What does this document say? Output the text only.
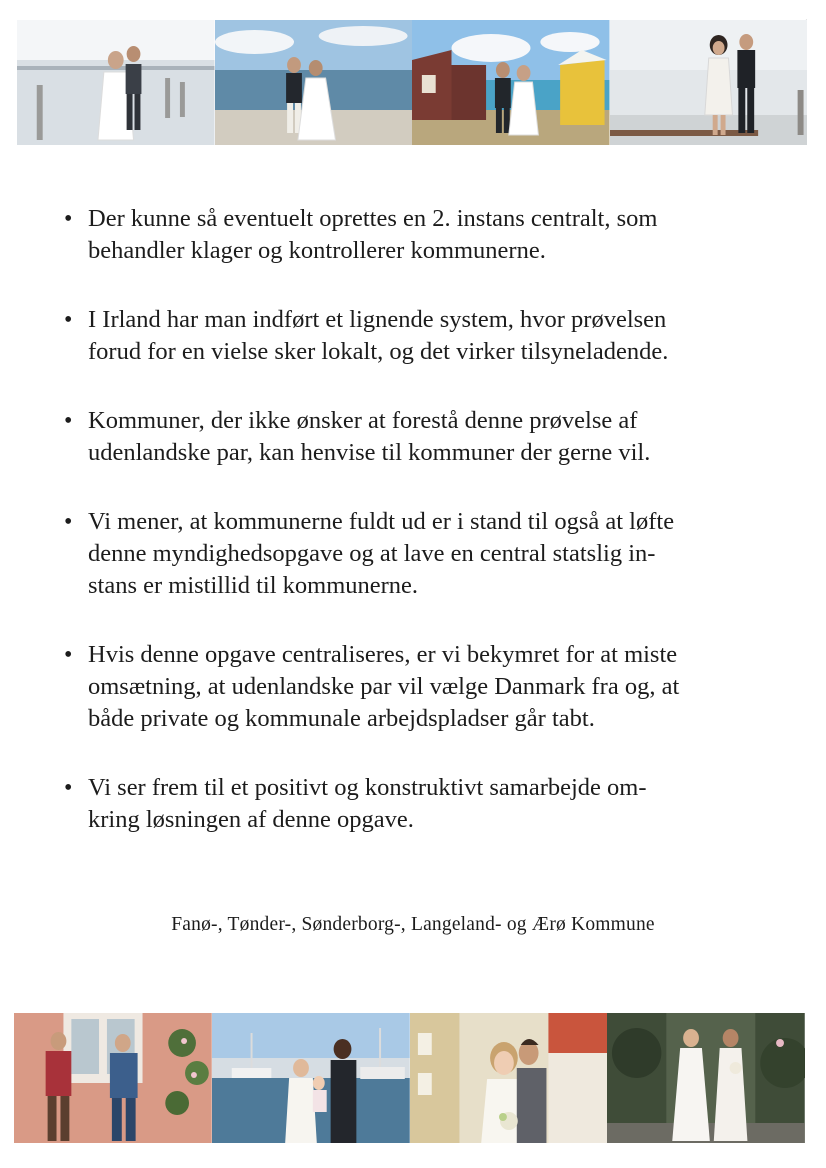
• Der kunne så eventuelt oprettes en 2. instans centralt, som
behandler klager og kontrollerer kommunerne.
• I Irland har man indført et lignende system, hvor prøvelsen
forud for en vielse sker lokalt, og det virker tilsyneladende.
• Kommuner, der ikke ønsker at forestå denne prøvelse af
udenlandske par, kan henvise til kommuner der gerne vil.
• Vi mener, at kommunerne fuldt ud er i stand til også at løfte
denne myndighedsopgave og at lave en central statslig in-
stans er mistillid til kommunerne.
• Hvis denne opgave centraliseres, er vi bekymret for at miste
omsætning, at udenlandske par vil vælge Danmark fra og, at
både private og kommunale arbejdspladser går tabt.
• Vi ser frem til et positivt og konstruktivt samarbejde om-
kring løsningen af denne opgave.
Fanø-, Tønder-, Sønderborg-, Langeland- og Ærø Kommune
